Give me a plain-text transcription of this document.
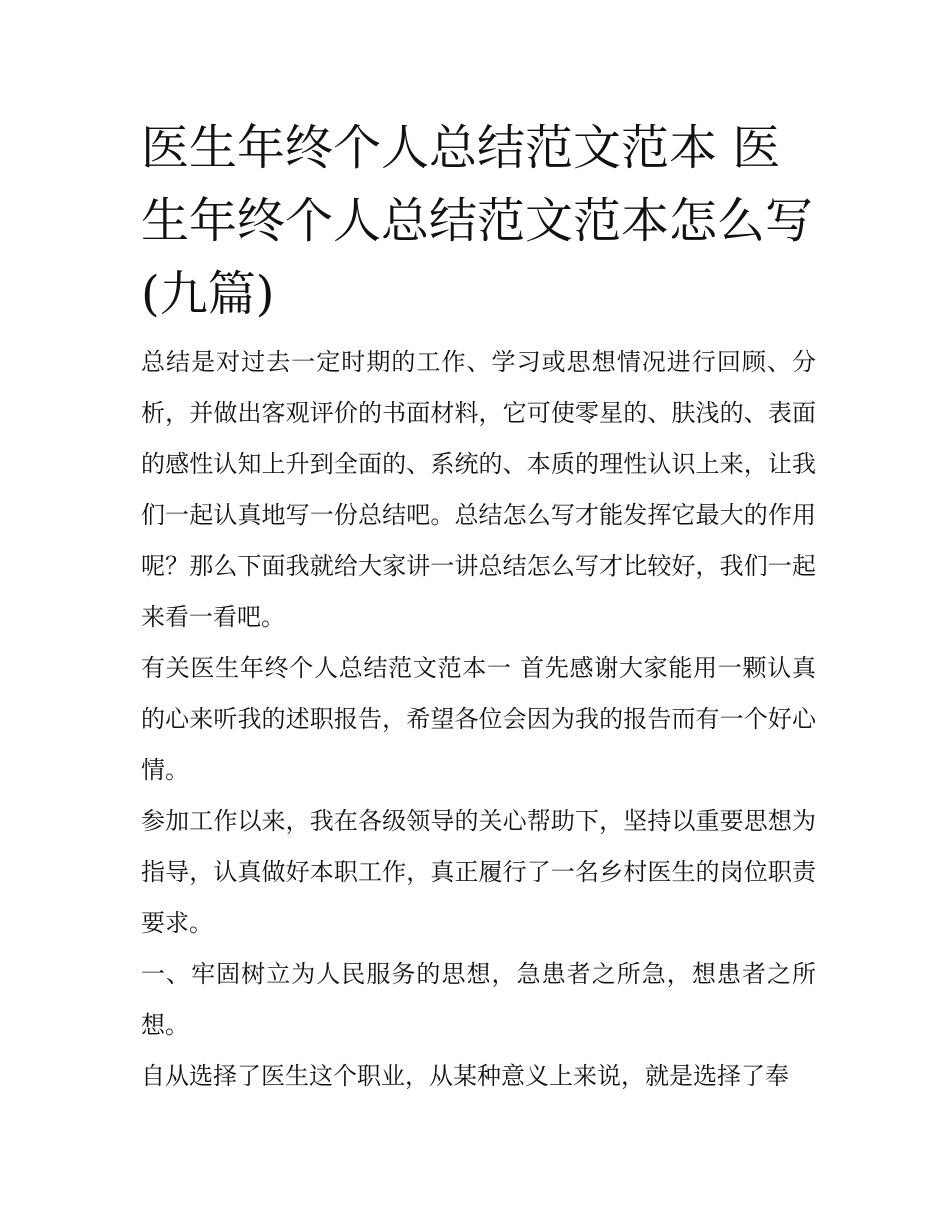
医生年终个人总结范文范本 医生年终个人总结范文范本怎么写(九篇)

总结是对过去一定时期的工作、学习或思想情况进行回顾、分析，并做出客观评价的书面材料，它可使零星的、肤浅的、表面的感性认知上升到全面的、系统的、本质的理性认识上来，让我们一起认真地写一份总结吧。总结怎么写才能发挥它最大的作用呢？那么下面我就给大家讲一讲总结怎么写才比较好，我们一起来看一看吧。

有关医生年终个人总结范文范本一 首先感谢大家能用一颗认真的心来听我的述职报告，希望各位会因为我的报告而有一个好心情。

参加工作以来，我在各级领导的关心帮助下，坚持以重要思想为指导，认真做好本职工作，真正履行了一名乡村医生的岗位职责要求。

一、牢固树立为人民服务的思想，急患者之所急，想患者之所想。

自从选择了医生这个职业，从某种意义上来说，就是选择了奉
